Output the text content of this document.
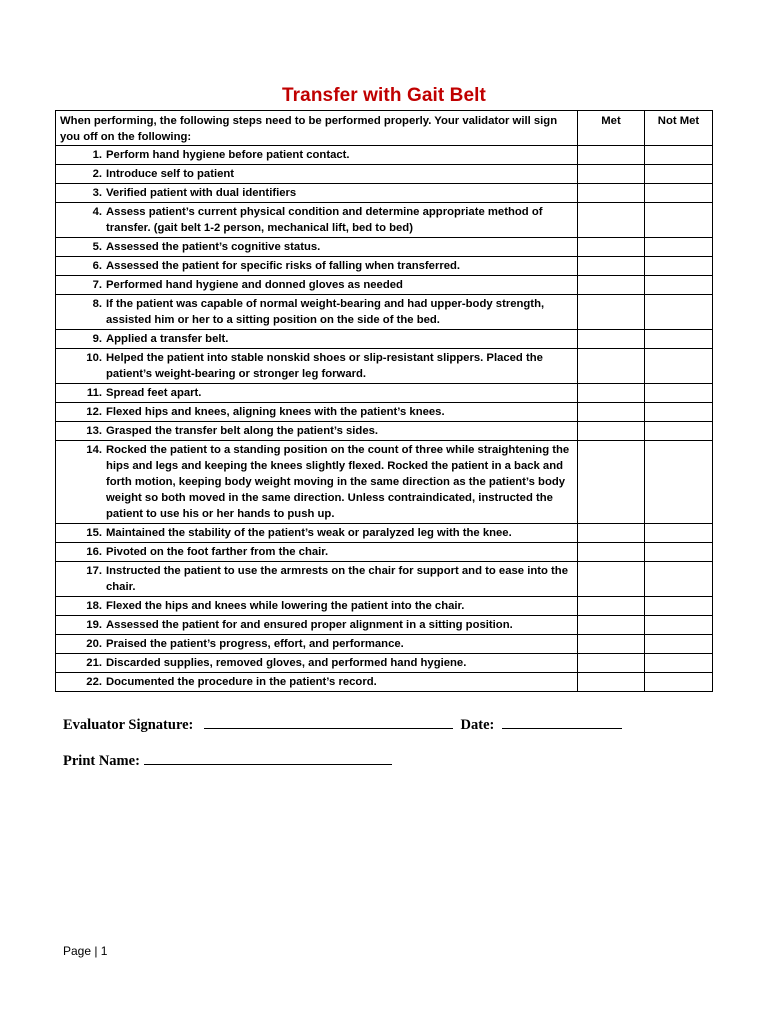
Transfer with Gait Belt
When performing, the following steps need to be performed properly. Your validator will sign you off on the following:	Met	Not Met

1. Perform hand hygiene before patient contact.		

2. Introduce self to patient		

3. Verified patient with dual identifiers		

4. Assess patient’s current physical condition and determine appropriate method of transfer. (gait belt 1-2 person, mechanical lift, bed to bed)		

5. Assessed the patient’s cognitive status.		

6. Assessed the patient for specific risks of falling when transferred.		

7. Performed hand hygiene and donned gloves as needed		

8. If the patient was capable of normal weight-bearing and had upper-body strength, assisted him or her to a sitting position on the side of the bed.		

9. Applied a transfer belt.		

10. Helped the patient into stable nonskid shoes or slip-resistant slippers. Placed the patient’s weight-bearing or stronger leg forward.		

11. Spread feet apart.		

12. Flexed hips and knees, aligning knees with the patient’s knees.		

13. Grasped the transfer belt along the patient’s sides.		

14. Rocked the patient to a standing position on the count of three while straightening the hips and legs and keeping the knees slightly flexed. Rocked the patient in a back and forth motion, keeping body weight moving in the same direction as the patient’s body weight so both moved in the same direction. Unless contraindicated, instructed the patient to use his or her hands to push up.		

15. Maintained the stability of the patient’s weak or paralyzed leg with the knee.		

16. Pivoted on the foot farther from the chair.		

17. Instructed the patient to use the armrests on the chair for support and to ease into the chair.		

18. Flexed the hips and knees while lowering the patient into the chair.		

19. Assessed the patient for and ensured proper alignment in a sitting position.		

20. Praised the patient’s progress, effort, and performance.		

21. Discarded supplies, removed gloves, and performed hand hygiene.		

22. Documented the procedure in the patient’s record.		

Evaluator Signature:	Date:
Print Name:
Page | 1
